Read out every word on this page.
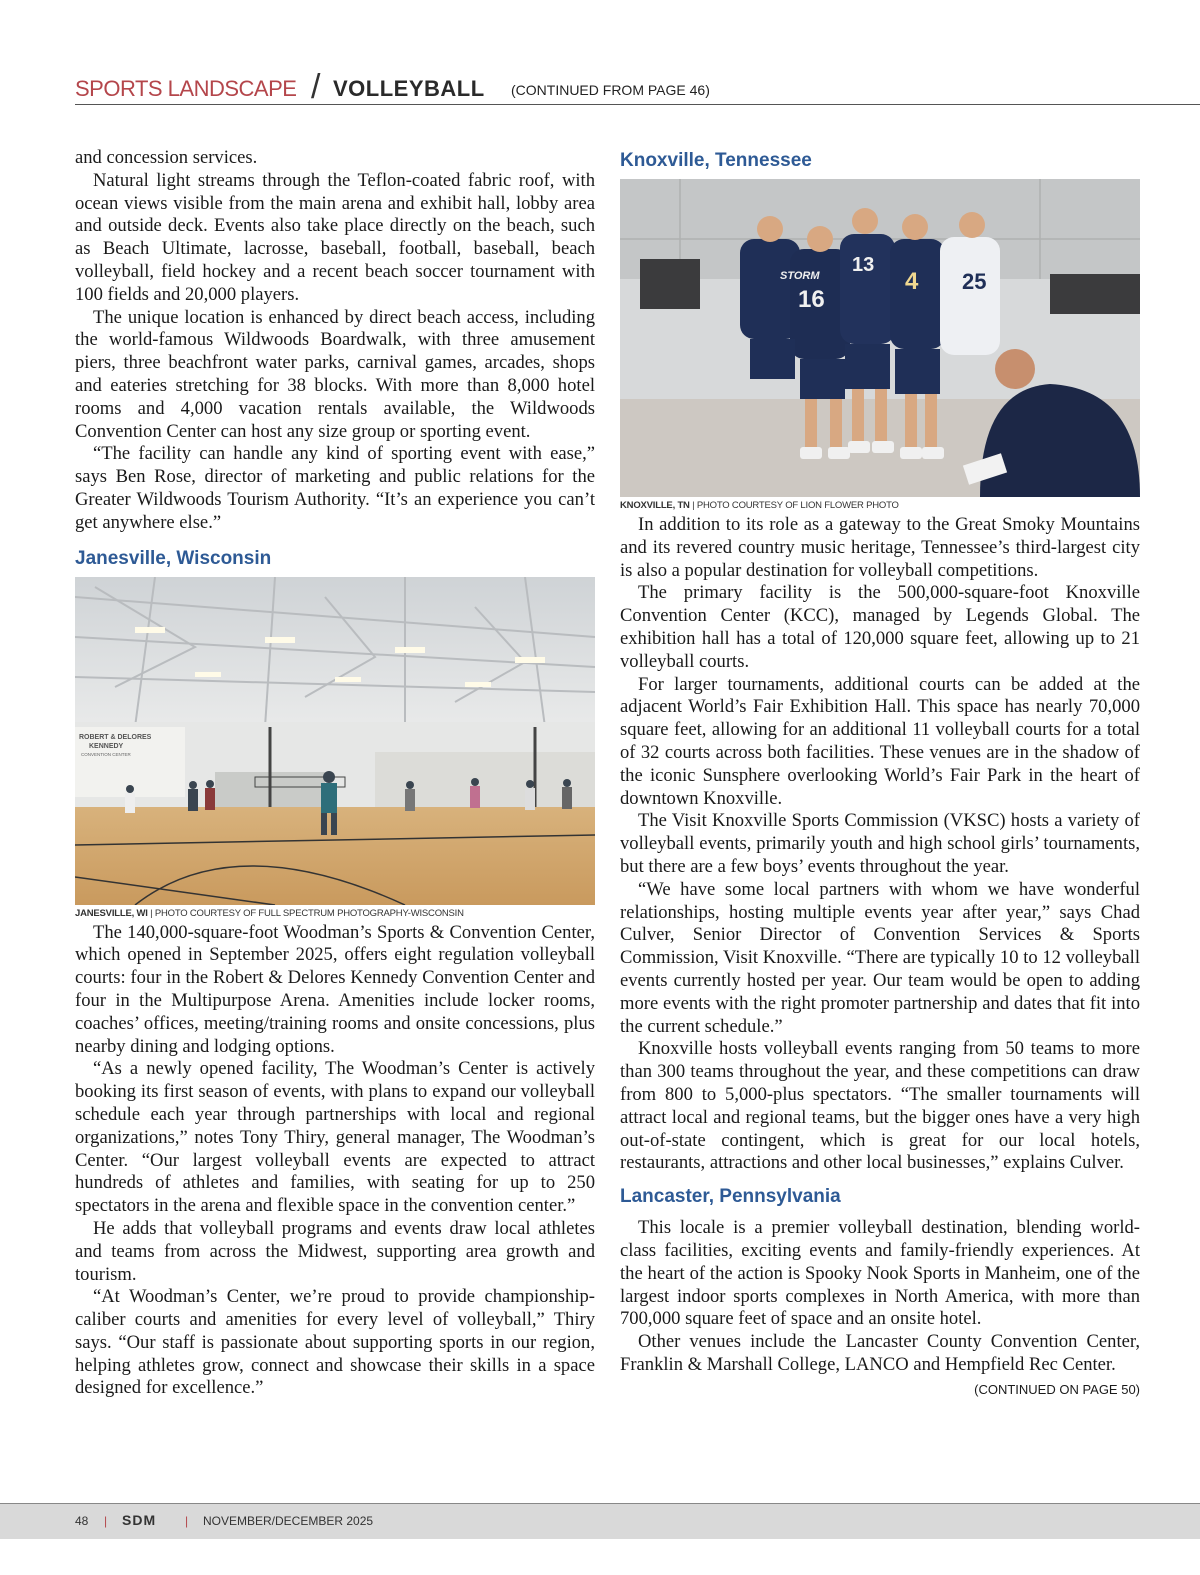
SPORTS LANDSCAPE / VOLLEYBALL (CONTINUED FROM PAGE 46)

and concession services.

Natural light streams through the Teflon-coated fabric roof, with ocean views visible from the main arena and exhibit hall, lobby area and outside deck. Events also take place directly on the beach, such as Beach Ultimate, lacrosse, baseball, football, baseball, beach volleyball, field hockey and a recent beach soccer tournament with 100 fields and 20,000 players.

The unique location is enhanced by direct beach access, including the world-famous Wildwoods Boardwalk, with three amusement piers, three beachfront water parks, carnival games, arcades, shops and eateries stretching for 38 blocks. With more than 8,000 hotel rooms and 4,000 vacation rentals available, the Wildwoods Convention Center can host any size group or sporting event.

“The facility can handle any kind of sporting event with ease,” says Ben Rose, director of marketing and public relations for the Greater Wildwoods Tourism Authority. “It’s an experience you can’t get anywhere else.”

Janesville, Wisconsin
ROBERT & DELORES
KENNEDY
CONVENTION CENTER
JANESVILLE, WI | PHOTO COURTESY OF FULL SPECTRUM PHOTOGRAPHY-WISCONSIN

The 140,000-square-foot Woodman’s Sports & Convention Center, which opened in September 2025, offers eight regulation volleyball courts: four in the Robert & Delores Kennedy Convention Center and four in the Multipurpose Arena. Amenities include locker rooms, coaches’ offices, meeting/training rooms and onsite concessions, plus nearby dining and lodging options.

“As a newly opened facility, The Woodman’s Center is actively booking its first season of events, with plans to expand our volleyball schedule each year through partnerships with local and regional organizations,” notes Tony Thiry, general manager, The Woodman’s Center. “Our largest volleyball events are expected to attract hundreds of athletes and families, with seating for up to 250 spectators in the arena and flexible space in the convention center.”

He adds that volleyball programs and events draw local athletes and teams from across the Midwest, supporting area growth and tourism.

“At Woodman’s Center, we’re proud to provide championship-caliber courts and amenities for every level of volleyball,” Thiry says. “Our staff is passionate about supporting sports in our region, helping athletes grow, connect and showcase their skills in a space designed for excellence.”

Knoxville, Tennessee
STORM
16
13
4 25
KNOXVILLE, TN | PHOTO COURTESY OF LION FLOWER PHOTO

In addition to its role as a gateway to the Great Smoky Mountains and its revered country music heritage, Tennessee’s third-largest city is also a popular destination for volleyball competitions.

The primary facility is the 500,000-square-foot Knoxville Convention Center (KCC), managed by Legends Global. The exhibition hall has a total of 120,000 square feet, allowing up to 21 volleyball courts.

For larger tournaments, additional courts can be added at the adjacent World’s Fair Exhibition Hall. This space has nearly 70,000 square feet, allowing for an additional 11 volleyball courts for a total of 32 courts across both facilities. These venues are in the shadow of the iconic Sunsphere overlooking World’s Fair Park in the heart of downtown Knoxville.

The Visit Knoxville Sports Commission (VKSC) hosts a variety of volleyball events, primarily youth and high school girls’ tournaments, but there are a few boys’ events throughout the year.

“We have some local partners with whom we have wonderful relationships, hosting multiple events year after year,” says Chad Culver, Senior Director of Convention Services & Sports Commission, Visit Knoxville. “There are typically 10 to 12 volleyball events currently hosted per year. Our team would be open to adding more events with the right promoter partnership and dates that fit into the current schedule.”

Knoxville hosts volleyball events ranging from 50 teams to more than 300 teams throughout the year, and these competitions can draw from 800 to 5,000-plus spectators. “The smaller tournaments will attract local and regional teams, but the bigger ones have a very high out-of-state contingent, which is great for our local hotels, restaurants, attractions and other local businesses,” explains Culver.

Lancaster, Pennsylvania

This locale is a premier volleyball destination, blending world-class facilities, exciting events and family-friendly experiences. At the heart of the action is Spooky Nook Sports in Manheim, one of the largest indoor sports complexes in North America, with more than 700,000 square feet of space and an onsite hotel.

Other venues include the Lancaster County Convention Center, Franklin & Marshall College, LANCO and Hempfield Rec Center.
(CONTINUED ON PAGE 50)

48 | SDM | NOVEMBER/DECEMBER 2025
